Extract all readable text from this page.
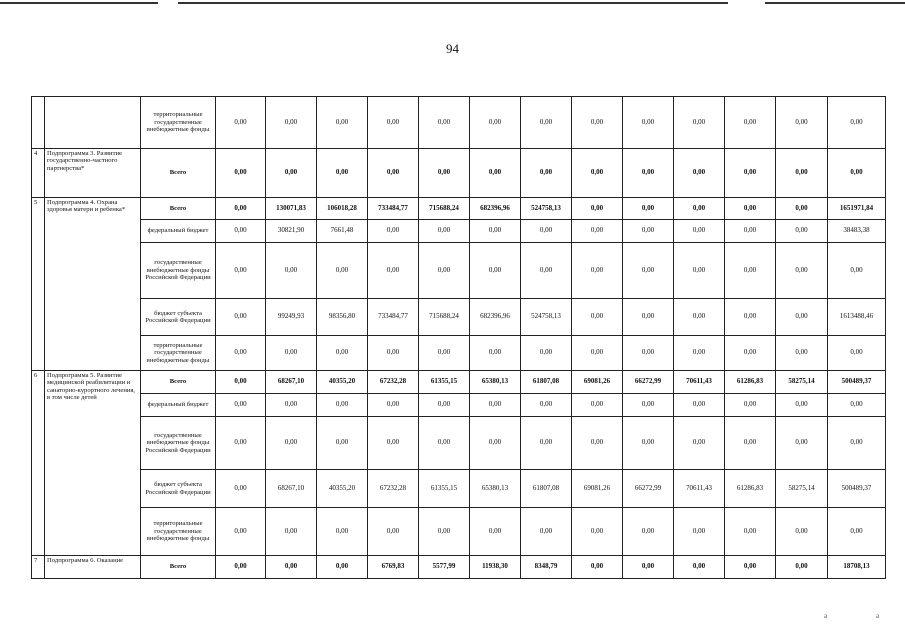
94
		территориальные государственные внебюджетные фонды	0,00	0,00	0,00	0,00	0,00	0,00	0,00	0,00	0,00	0,00	0,00	0,00	0,00
4	Подпрограмма 3. Развитие государственно-частного партнерства*	Всего	0,00	0,00	0,00	0,00	0,00	0,00	0,00	0,00	0,00	0,00	0,00	0,00	0,00
5	Подпрограмма 4. Охрана здоровья матери и ребенка*	Всего	0,00	130071,83	106018,28	733484,77	715688,24	682396,96	524758,13	0,00	0,00	0,00	0,00	0,00	1651971,84
		федеральный бюджет	0,00	30821,90	7661,48	0,00	0,00	0,00	0,00	0,00	0,00	0,00	0,00	0,00	38483,38
		государственные внебюджетные фонды Российской Федерации	0,00	0,00	0,00	0,00	0,00	0,00	0,00	0,00	0,00	0,00	0,00	0,00	0,00
		бюджет субъекта Российской Федерации	0,00	99249,93	98356,80	733484,77	715688,24	682396,96	524758,13	0,00	0,00	0,00	0,00	0,00	1613488,46
		территориальные государственные внебюджетные фонды	0,00	0,00	0,00	0,00	0,00	0,00	0,00	0,00	0,00	0,00	0,00	0,00	0,00
6	Подпрограмма 5. Развитие медицинской реабилитации и санаторно-курортного лечения, в том числе детей	Всего	0,00	68267,10	40355,20	67232,28	61355,15	65380,13	61807,08	69081,26	66272,99	70611,43	61286,83	58275,14	500489,37
		федеральный бюджет	0,00	0,00	0,00	0,00	0,00	0,00	0,00	0,00	0,00	0,00	0,00	0,00	0,00
		государственные внебюджетные фонды Российской Федерации	0,00	0,00	0,00	0,00	0,00	0,00	0,00	0,00	0,00	0,00	0,00	0,00	0,00
		бюджет субъекта Российской Федерации	0,00	68267,10	40355,20	67232,28	61355,15	65380,13	61807,08	69081,26	66272,99	70611,43	61286,83	58275,14	500489,37
		территориальные государственные внебюджетные фонды	0,00	0,00	0,00	0,00	0,00	0,00	0,00	0,00	0,00	0,00	0,00	0,00	0,00
7	Подпрограмма 6. Оказание	Всего	0,00	0,00	0,00	6769,83	5577,99	11938,30	8348,79	0,00	0,00	0,00	0,00	0,00	18708,13
a	a
